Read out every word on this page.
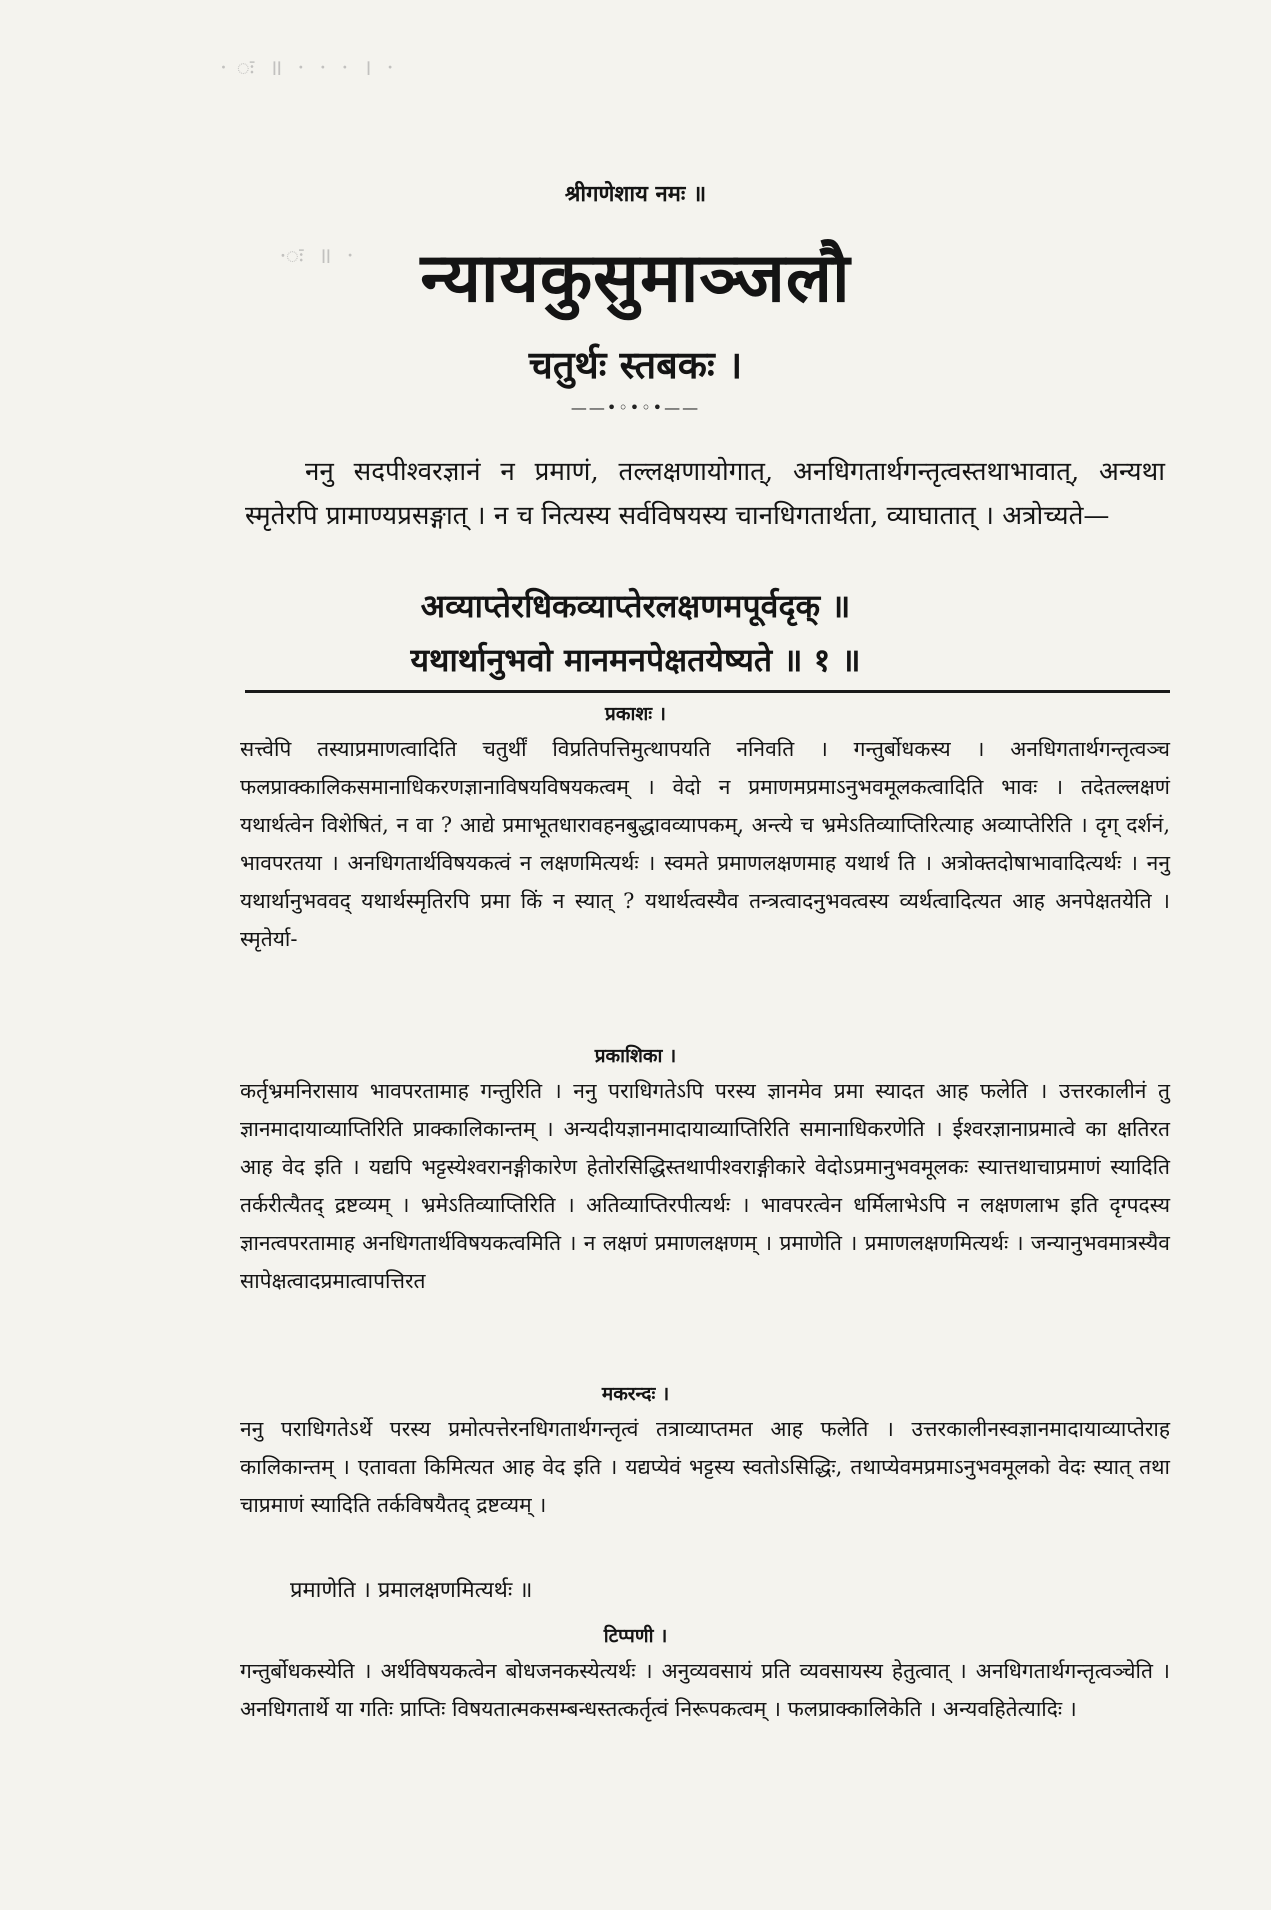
· ः ॥ · · · । ·
·ः ॥ ·
श्रीगणेशाय नमः ॥
न्यायकुसुमाञ्जलौ
चतुर्थः स्तबकः ।
——•◦•◦•——
ननु सदपीश्वरज्ञानं न प्रमाणं, तल्लक्षणायोगात्, अनधिगतार्थगन्तृत्वस्तथाभावात्, अन्यथा स्मृतेरपि प्रामाण्यप्रसङ्गात् । न च नित्यस्य सर्वविषयस्य चानधिगतार्थता, व्याघातात् । अत्रोच्यते—
अव्याप्तेरधिकव्याप्तेरलक्षणमपूर्वदृक् ॥
यथार्थानुभवो मानमनपेक्षतयेष्यते ॥ १ ॥
प्रकाशः ।
सत्त्वेपि तस्याप्रमाणत्वादिति चतुर्थीं विप्रतिपत्तिमुत्थापयति ननिवति । गन्तुर्बोधकस्य । अनधिगतार्थगन्तृत्वञ्च फलप्राक्कालिकसमानाधिकरणज्ञानाविषयविषयकत्वम् । वेदो न प्रमाणमप्रमाऽनुभवमूलकत्वादिति भावः । तदेतल्लक्षणं यथार्थत्वेन विशेषितं, न वा ? आद्ये प्रमाभूतधारावहनबुद्धावव्यापकम्, अन्त्ये च भ्रमेऽतिव्याप्तिरित्याह अव्याप्तेरिति । दृग् दर्शनं, भावपरतया । अनधिगतार्थविषयकत्वं न लक्षणमित्यर्थः । स्वमते प्रमाणलक्षणमाह यथार्थ ति । अत्रोक्तदोषाभावादित्यर्थः । ननु यथार्थानुभववद् यथार्थस्मृतिरपि प्रमा किं न स्यात् ? यथार्थत्वस्यैव तन्त्रत्वादनुभवत्वस्य व्यर्थत्वादित्यत आह अनपेक्षतयेति । स्मृतेर्या-
प्रकाशिका ।
कर्तृभ्रमनिरासाय भावपरतामाह गन्तुरिति । ननु पराधिगतेऽपि परस्य ज्ञानमेव प्रमा स्यादत आह फलेति । उत्तरकालीनं तु ज्ञानमादायाव्याप्तिरिति प्राक्कालिकान्तम् । अन्यदीयज्ञानमादायाव्याप्तिरिति समानाधिकरणेति । ईश्वरज्ञानाप्रमात्वे का क्षतिरत आह वेद इति । यद्यपि भट्टस्येश्वरानङ्गीकारेण हेतोरसिद्धिस्तथापीश्वराङ्गीकारे वेदोऽप्रमानुभवमूलकः स्यात्तथाचाप्रमाणं स्यादिति तर्करीत्यैतद् द्रष्टव्यम् । भ्रमेऽतिव्याप्तिरिति । अतिव्याप्तिरपीत्यर्थः । भावपरत्वेन धर्मिलाभेऽपि न लक्षणलाभ इति दृग्पदस्य ज्ञानत्वपरतामाह अनधिगतार्थविषयकत्वमिति । न लक्षणं प्रमाणलक्षणम् । प्रमाणेति । प्रमाणलक्षणमित्यर्थः । जन्यानुभवमात्रस्यैव सापेक्षत्वादप्रमात्वापत्तिरत
मकरन्दः ।
ननु पराधिगतेऽर्थे परस्य प्रमोत्पत्तेरनधिगतार्थगन्तृत्वं तत्राव्याप्तमत आह फलेति । उत्तरकालीनस्वज्ञानमादायाव्याप्तेराह कालिकान्तम् । एतावता किमित्यत आह वेद इति । यद्यप्येवं भट्टस्य स्वतोऽसिद्धिः, तथाप्येवमप्रमाऽनुभवमूलको वेदः स्यात् तथा चाप्रमाणं स्यादिति तर्कविषयैतद् द्रष्टव्यम् ।
प्रमाणेति । प्रमालक्षणमित्यर्थः ॥
टिप्पणी ।
गन्तुर्बोधकस्येति । अर्थविषयकत्वेन बोधजनकस्येत्यर्थः । अनुव्यवसायं प्रति व्यवसायस्य हेतुत्वात् । अनधिगतार्थगन्तृत्वञ्चेति । अनधिगतार्थे या गतिः प्राप्तिः विषयतात्मकसम्बन्धस्तत्कर्तृत्वं निरूपकत्वम् । फलप्राक्कालिकेति । अन्यवहितेत्यादिः ।
